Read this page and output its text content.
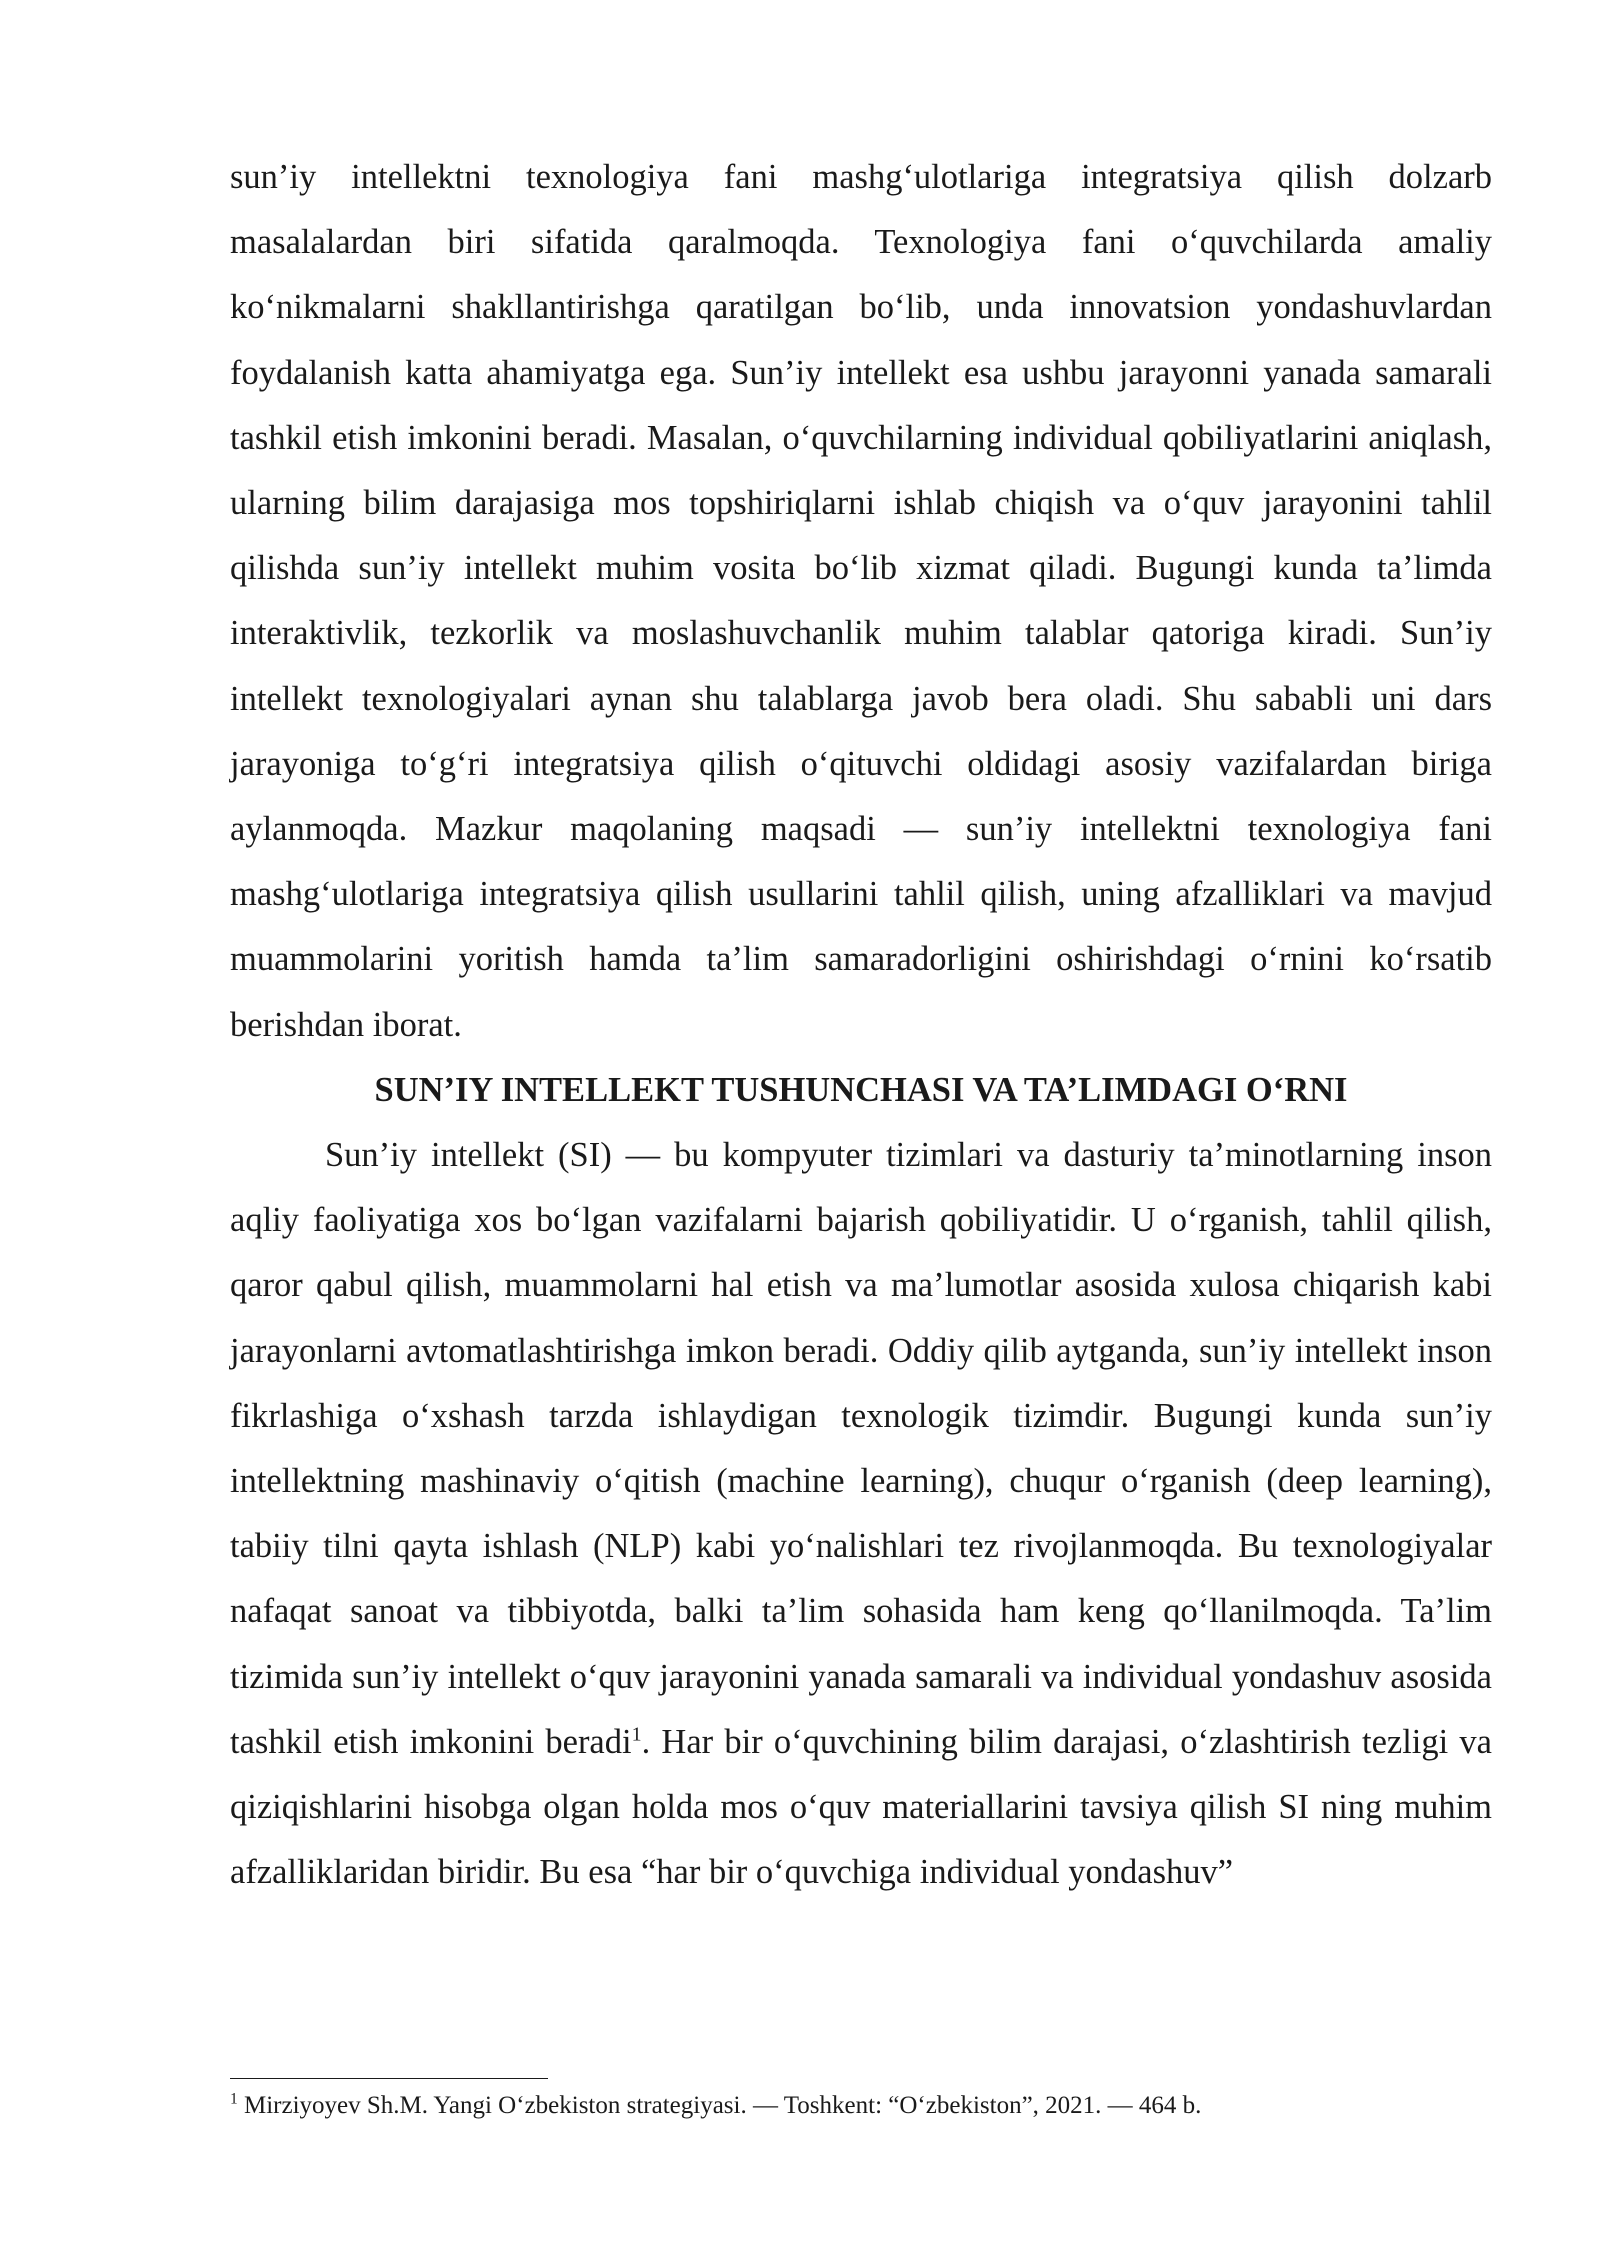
sun’iy intellektni texnologiya fani mashg‘ulotlariga integratsiya qilish dolzarb masalalardan biri sifatida qaralmoqda. Texnologiya fani o‘quvchilarda amaliy ko‘nikmalarni shakllantirishga qaratilgan bo‘lib, unda innovatsion yondashuvlardan foydalanish katta ahamiyatga ega. Sun’iy intellekt esa ushbu jarayonni yanada samarali tashkil etish imkonini beradi. Masalan, o‘quvchilarning individual qobiliyatlarini aniqlash, ularning bilim darajasiga mos topshiriqlarni ishlab chiqish va o‘quv jarayonini tahlil qilishda sun’iy intellekt muhim vosita bo‘lib xizmat qiladi. Bugungi kunda ta’limda interaktivlik, tezkorlik va moslashuvchanlik muhim talablar qatoriga kiradi. Sun’iy intellekt texnologiyalari aynan shu talablarga javob bera oladi. Shu sababli uni dars jarayoniga to‘g‘ri integratsiya qilish o‘qituvchi oldidagi asosiy vazifalardan biriga aylanmoqda. Mazkur maqolaning maqsadi — sun’iy intellektni texnologiya fani mashg‘ulotlariga integratsiya qilish usullarini tahlil qilish, uning afzalliklari va mavjud muammolarini yoritish hamda ta’lim samaradorligini oshirishdagi o‘rnini ko‘rsatib berishdan iborat.

SUN’IY INTELLEKT TUSHUNCHASI VA TA’LIMDAGI O‘RNI

Sun’iy intellekt (SI) — bu kompyuter tizimlari va dasturiy ta’minotlarning inson aqliy faoliyatiga xos bo‘lgan vazifalarni bajarish qobiliyatidir. U o‘rganish, tahlil qilish, qaror qabul qilish, muammolarni hal etish va ma’lumotlar asosida xulosa chiqarish kabi jarayonlarni avtomatlashtirishga imkon beradi. Oddiy qilib aytganda, sun’iy intellekt inson fikrlashiga o‘xshash tarzda ishlaydigan texnologik tizimdir. Bugungi kunda sun’iy intellektning mashinaviy o‘qitish (machine learning), chuqur o‘rganish (deep learning), tabiiy tilni qayta ishlash (NLP) kabi yo‘nalishlari tez rivojlanmoqda. Bu texnologiyalar nafaqat sanoat va tibbiyotda, balki ta’lim sohasida ham keng qo‘llanilmoqda. Ta’lim tizimida sun’iy intellekt o‘quv jarayonini yanada samarali va individual yondashuv asosida tashkil etish imkonini beradi$^1$. Har bir o‘quvchining bilim darajasi, o‘zlashtirish tezligi va qiziqishlarini hisobga olgan holda mos o‘quv materiallarini tavsiya qilish SI ning muhim afzalliklaridan biridir. Bu esa “har bir o‘quvchiga individual yondashuv”

$^1$ Mirziyoyev Sh.M. Yangi O‘zbekiston strategiyasi. — Toshkent: “O‘zbekiston”, 2021. — 464 b.
